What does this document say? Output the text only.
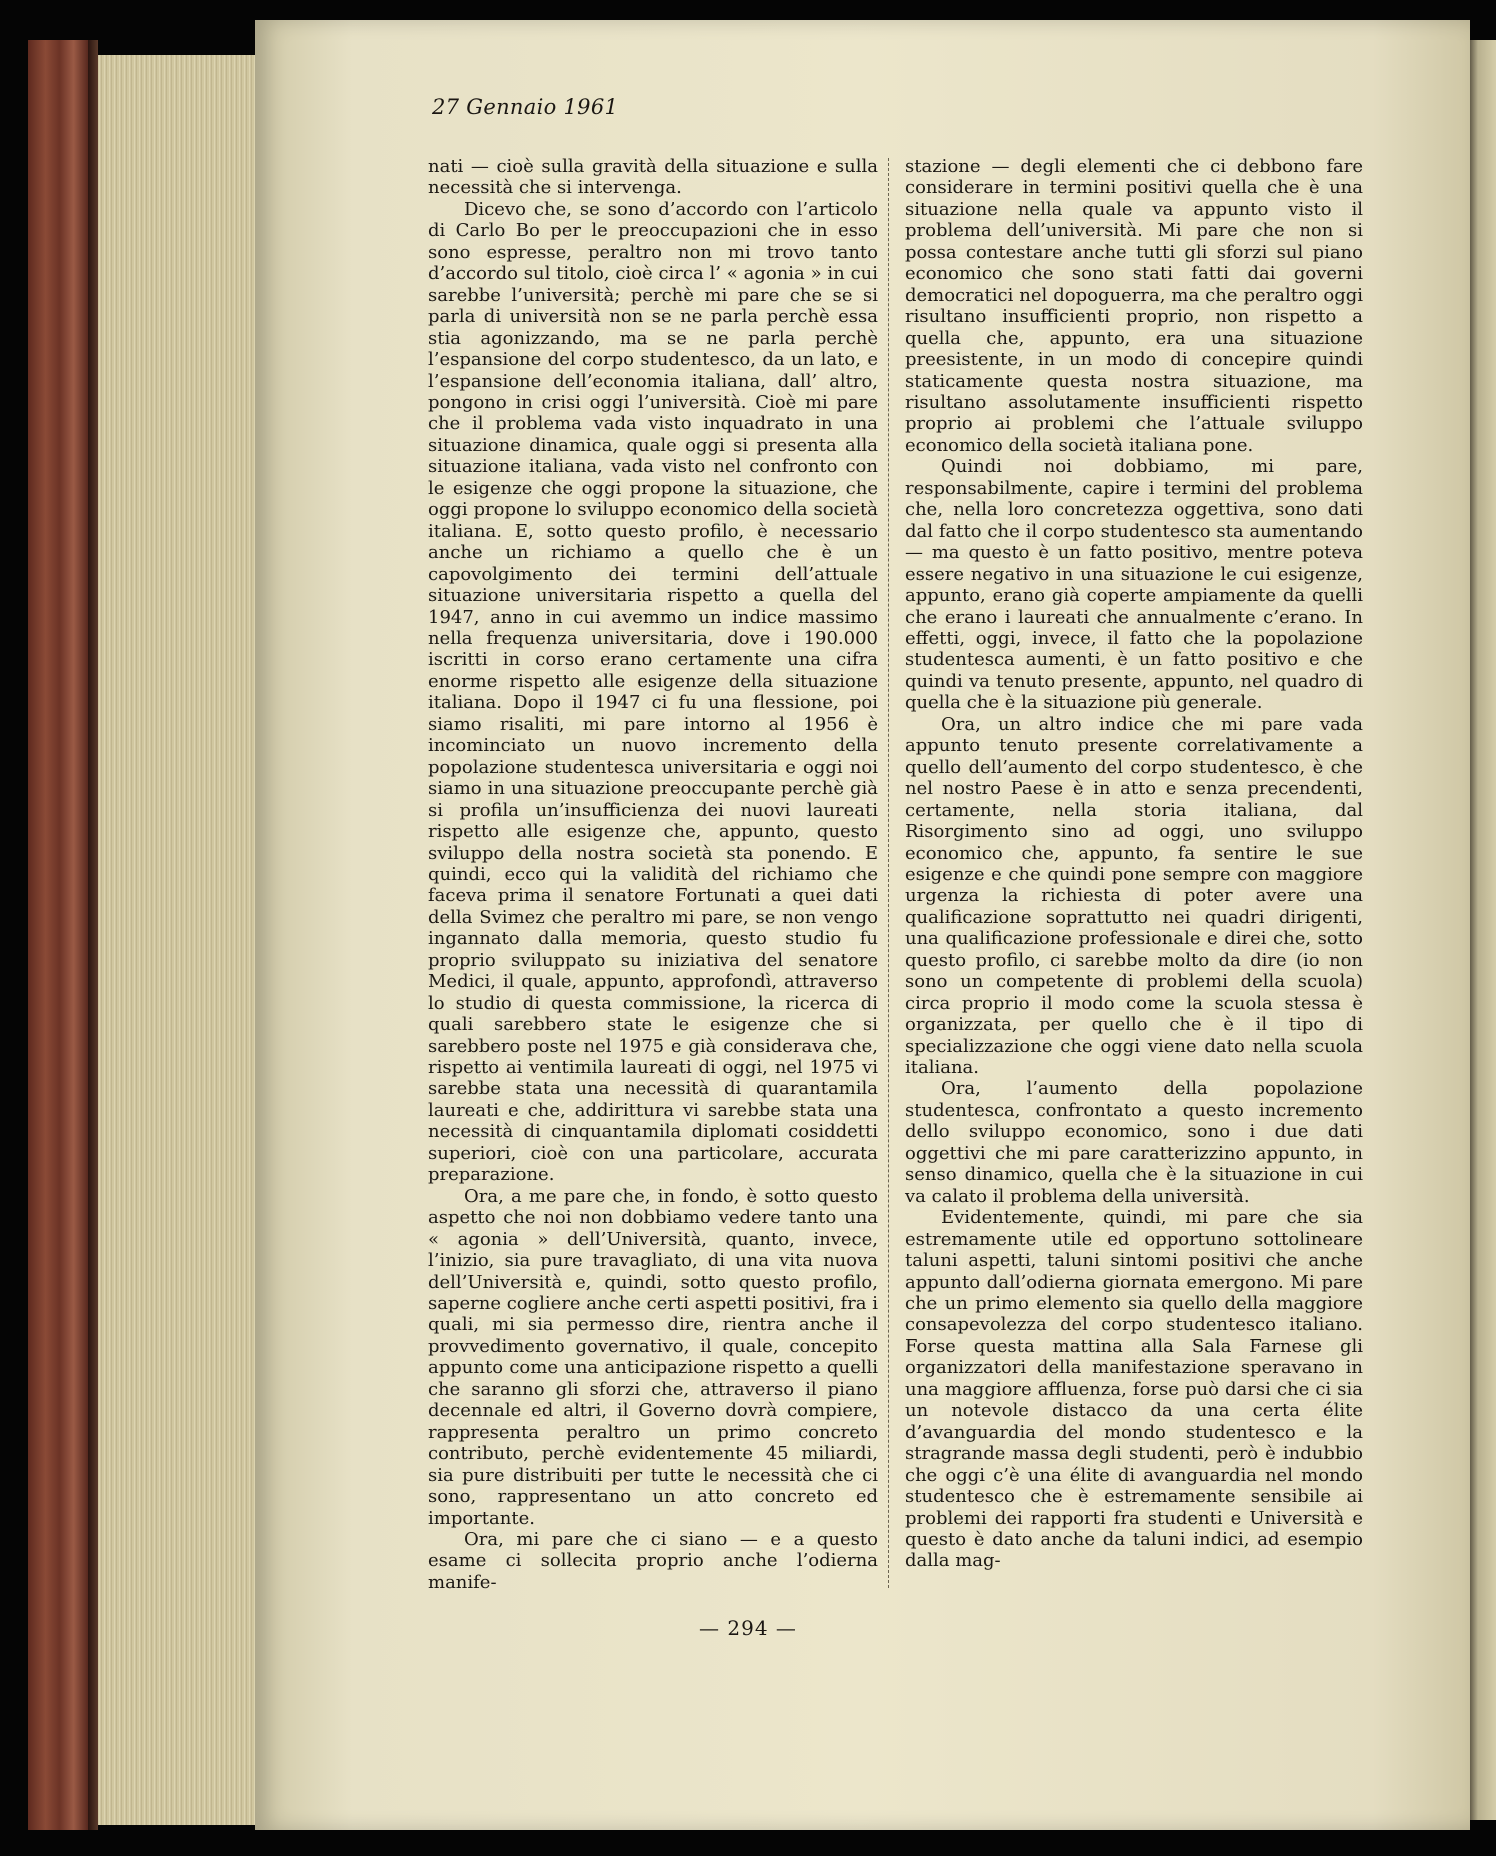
27 Gennaio 1961

nati — cioè sulla gravità della situazione e sulla necessità che si intervenga.

Dicevo che, se sono d’accordo con l’articolo di Carlo Bo per le preoccupazioni che in esso sono espresse, peraltro non mi trovo tanto d’accordo sul titolo, cioè circa l’ « agonia » in cui sarebbe l’università; perchè mi pare che se si parla di università non se ne parla perchè essa stia agonizzando, ma se ne parla perchè l’espansione del corpo studentesco, da un lato, e l’espansione dell’economia italiana, dall’ altro, pongono in crisi oggi l’università. Cioè mi pare che il problema vada visto inquadrato in una situazione dinamica, quale oggi si presenta alla situazione italiana, vada visto nel confronto con le esigenze che oggi propone la situazione, che oggi propone lo sviluppo economico della società italiana. E, sotto questo profilo, è necessario anche un richiamo a quello che è un capovolgimento dei termini dell’attuale situazione universitaria rispetto a quella del 1947, anno in cui avemmo un indice massimo nella frequenza universitaria, dove i 190.000 iscritti in corso erano certamente una cifra enorme rispetto alle esigenze della situazione italiana. Dopo il 1947 ci fu una flessione, poi siamo risaliti, mi pare intorno al 1956 è incominciato un nuovo incremento della popolazione studentesca universitaria e oggi noi siamo in una situazione preoccupante perchè già si profila un’insufficienza dei nuovi laureati rispetto alle esigenze che, appunto, questo sviluppo della nostra società sta ponendo. E quindi, ecco qui la validità del richiamo che faceva prima il senatore Fortunati a quei dati della Svimez che peraltro mi pare, se non vengo ingannato dalla memoria, questo studio fu proprio sviluppato su iniziativa del senatore Medici, il quale, appunto, approfondì, attraverso lo studio di questa commissione, la ricerca di quali sarebbero state le esigenze che si sarebbero poste nel 1975 e già considerava che, rispetto ai ventimila laureati di oggi, nel 1975 vi sarebbe stata una necessità di quarantamila laureati e che, addirittura vi sarebbe stata una necessità di cinquantamila diplomati cosiddetti superiori, cioè con una particolare, accurata preparazione.

Ora, a me pare che, in fondo, è sotto questo aspetto che noi non dobbiamo vedere tanto una « agonia » dell’Università, quanto, invece, l’inizio, sia pure travagliato, di una vita nuova dell’Università e, quindi, sotto questo profilo, saperne cogliere anche certi aspetti positivi, fra i quali, mi sia permesso dire, rientra anche il provvedimento governativo, il quale, concepito appunto come una anticipazione rispetto a quelli che saranno gli sforzi che, attraverso il piano decennale ed altri, il Governo dovrà compiere, rappresenta peraltro un primo concreto contributo, perchè evidentemente 45 miliardi, sia pure distribuiti per tutte le necessità che ci sono, rappresentano un atto concreto ed importante.

Ora, mi pare che ci siano — e a questo esame ci sollecita proprio anche l’odierna manife-

stazione — degli elementi che ci debbono fare considerare in termini positivi quella che è una situazione nella quale va appunto visto il problema dell’università. Mi pare che non si possa contestare anche tutti gli sforzi sul piano economico che sono stati fatti dai governi democratici nel dopoguerra, ma che peraltro oggi risultano insufficienti proprio, non rispetto a quella che, appunto, era una situazione preesistente, in un modo di concepire quindi staticamente questa nostra situazione, ma risultano assolutamente insufficienti rispetto proprio ai problemi che l’attuale sviluppo economico della società italiana pone.

Quindi noi dobbiamo, mi pare, responsabilmente, capire i termini del problema che, nella loro concretezza oggettiva, sono dati dal fatto che il corpo studentesco sta aumentando — ma questo è un fatto positivo, mentre poteva essere negativo in una situazione le cui esigenze, appunto, erano già coperte ampiamente da quelli che erano i laureati che annualmente c’erano. In effetti, oggi, invece, il fatto che la popolazione studentesca aumenti, è un fatto positivo e che quindi va tenuto presente, appunto, nel quadro di quella che è la situazione più generale.

Ora, un altro indice che mi pare vada appunto tenuto presente correlativamente a quello dell’aumento del corpo studentesco, è che nel nostro Paese è in atto e senza precendenti, certamente, nella storia italiana, dal Risorgimento sino ad oggi, uno sviluppo economico che, appunto, fa sentire le sue esigenze e che quindi pone sempre con maggiore urgenza la richiesta di poter avere una qualificazione soprattutto nei quadri dirigenti, una qualificazione professionale e direi che, sotto questo profilo, ci sarebbe molto da dire (io non sono un competente di problemi della scuola) circa proprio il modo come la scuola stessa è organizzata, per quello che è il tipo di specializzazione che oggi viene dato nella scuola italiana.

Ora, l’aumento della popolazione studentesca, confrontato a questo incremento dello sviluppo economico, sono i due dati oggettivi che mi pare caratterizzino appunto, in senso dinamico, quella che è la situazione in cui va calato il problema della università.

Evidentemente, quindi, mi pare che sia estremamente utile ed opportuno sottolineare taluni aspetti, taluni sintomi positivi che anche appunto dall’odierna giornata emergono. Mi pare che un primo elemento sia quello della maggiore consapevolezza del corpo studentesco italiano. Forse questa mattina alla Sala Farnese gli organizzatori della manifestazione speravano in una maggiore affluenza, forse può darsi che ci sia un notevole distacco da una certa élite d’avanguardia del mondo studentesco e la stragrande massa degli studenti, però è indubbio che oggi c’è una élite di avanguardia nel mondo studentesco che è estremamente sensibile ai problemi dei rapporti fra studenti e Università e questo è dato anche da taluni indici, ad esempio dalla mag-

— 294 —
